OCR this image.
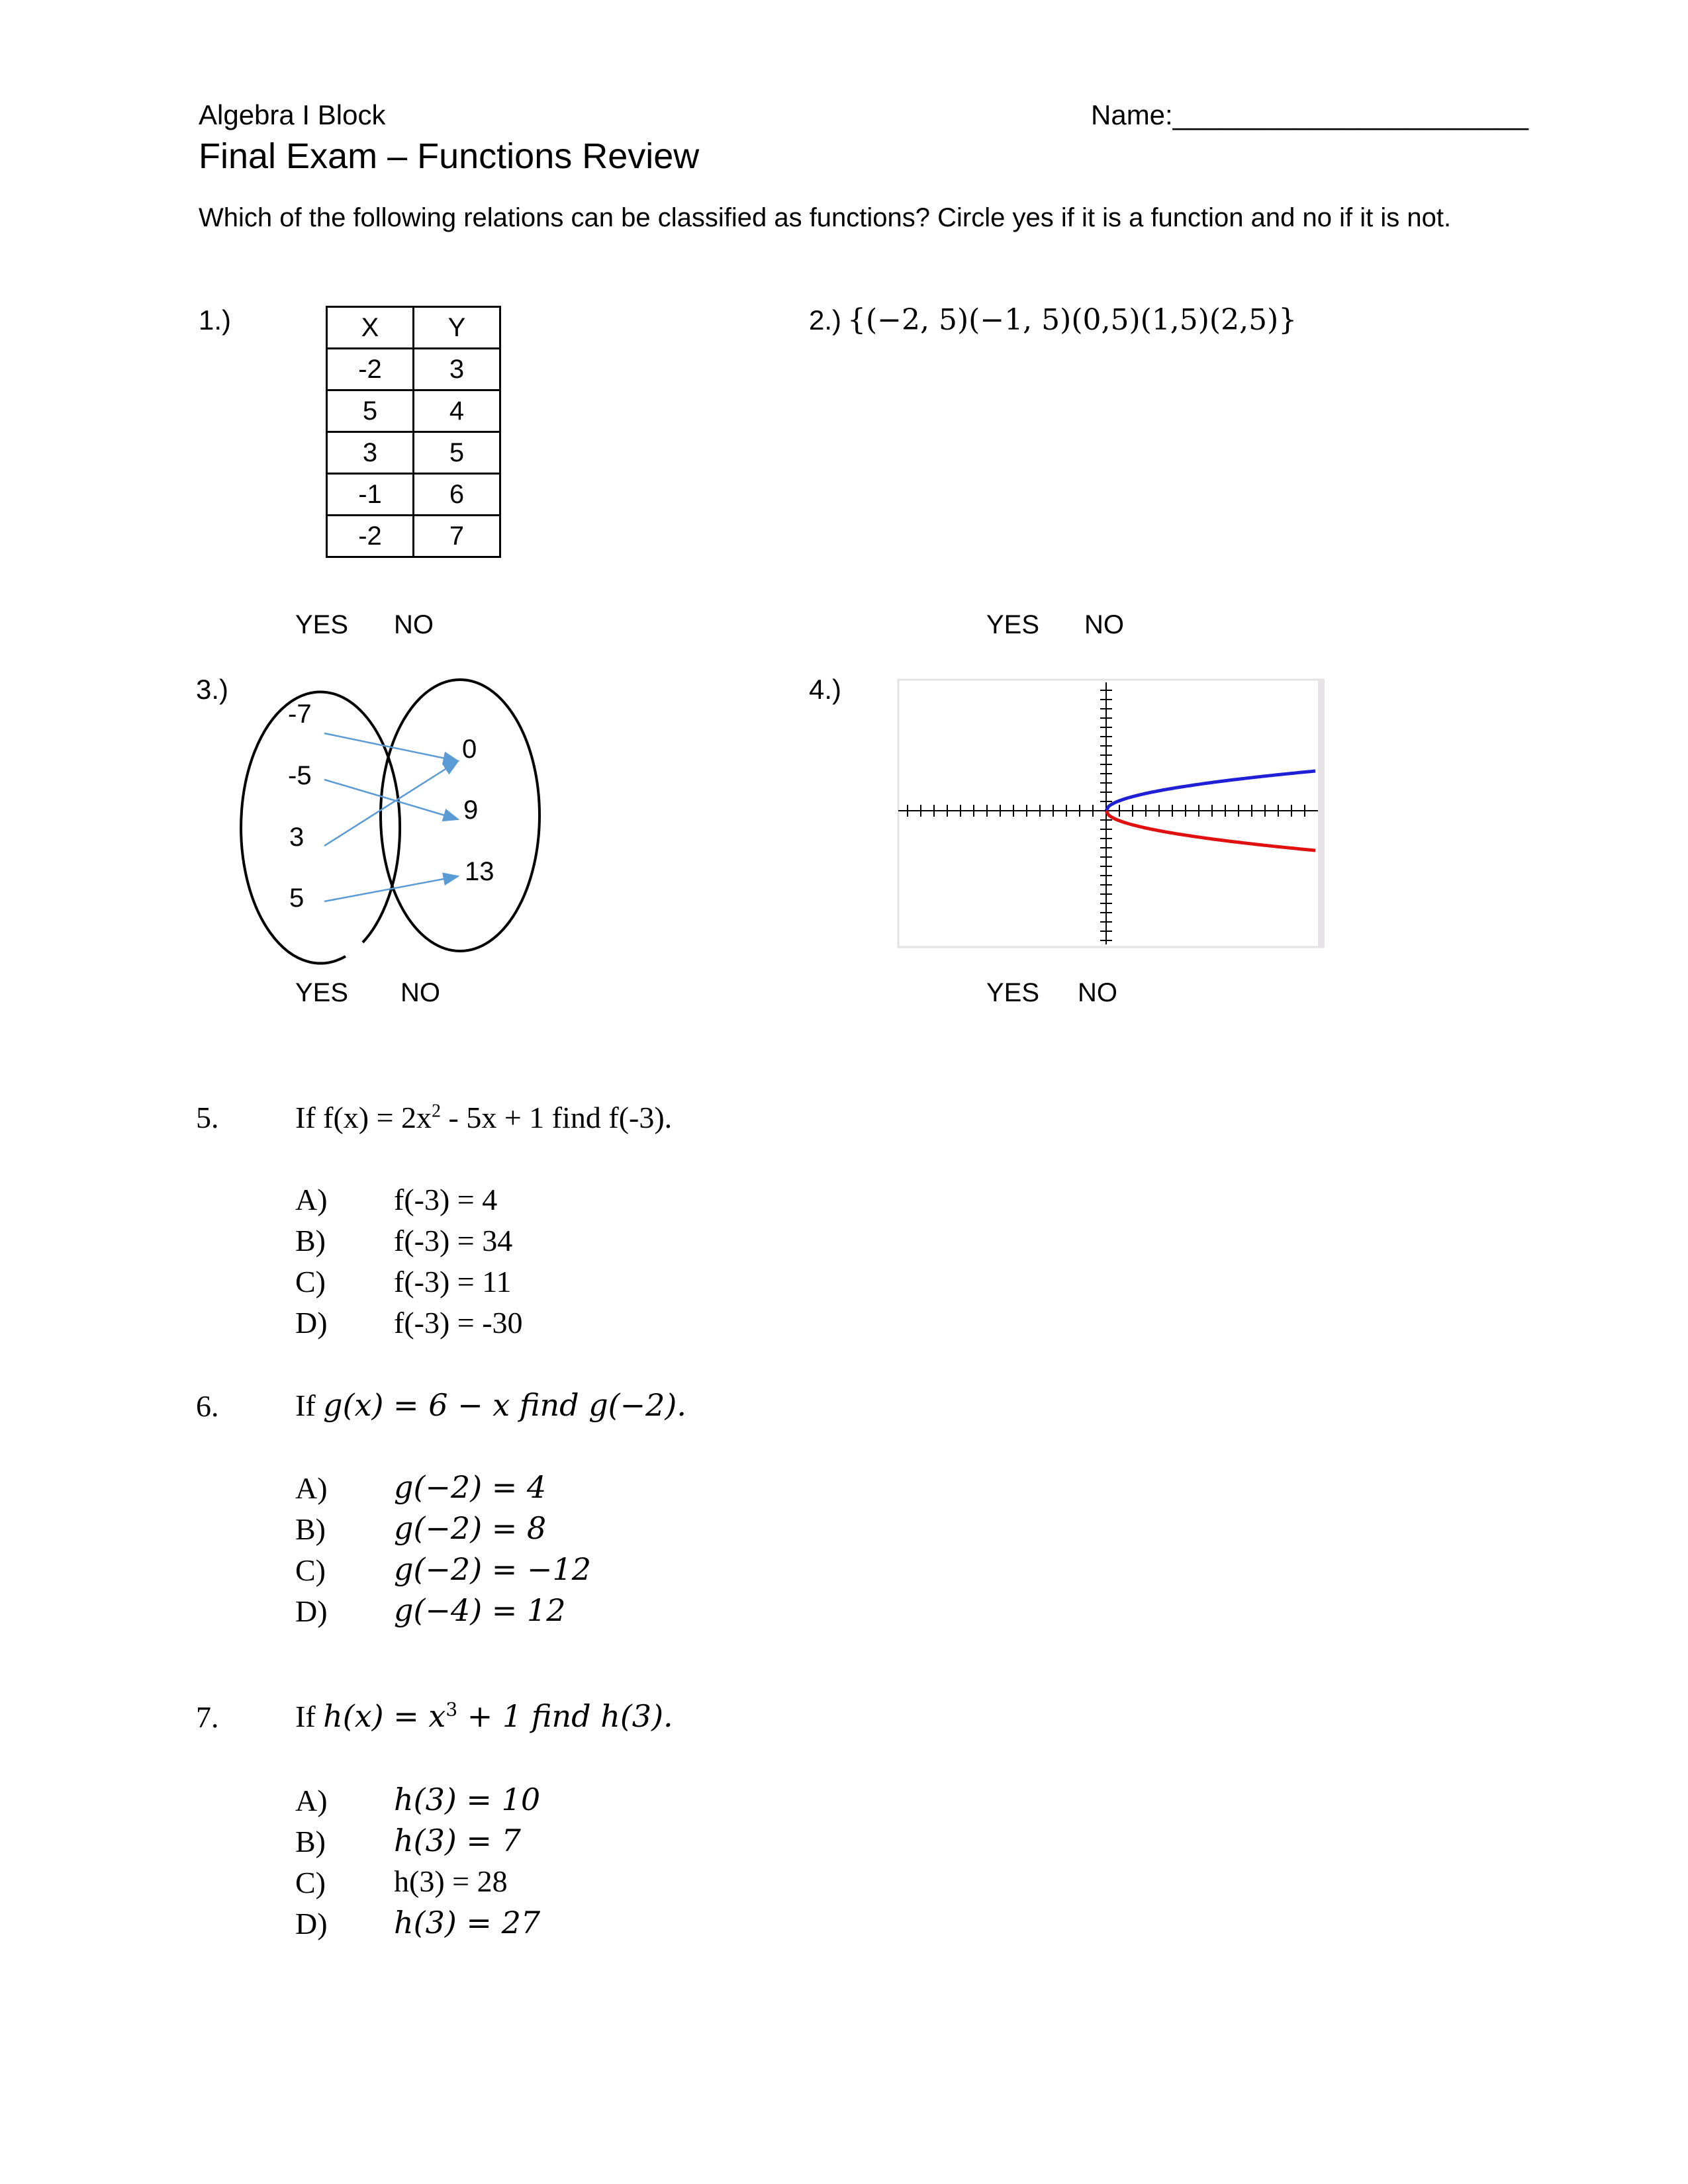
Algebra I Block	Name:_______________________
Final Exam – Functions Review
Which of the following relations can be classified as functions? Circle yes if it is a function and no if it is not.
1.)	X	Y
-2	3
5	4
3	5
-1	6
-2	7
YES NO
2.) {(−2, 5)(−1, 5)(0,5)(1,5)(2,5)}
YES NO
3.)
-7
-5
3
5
0
9
13
YES NO
4.)
YES NO
5.	If $f(x) = 2x^2 - 5x + 1$ find f(-3).
A) f(-3) = 4
B) f(-3) = 34
C) f(-3) = 11
D) f(-3) = -30
6.	If g(x) = 6 − x find g(−2).
A) g(−2) = 4
B) g(−2) = 8
C) g(−2) = −12
D) g(−4) = 12
7.	If $h(x) = x^3 + 1$ find h(3).
A) h(3) = 10
B) h(3) = 7
C) h(3) = 28
D) h(3) = 27
